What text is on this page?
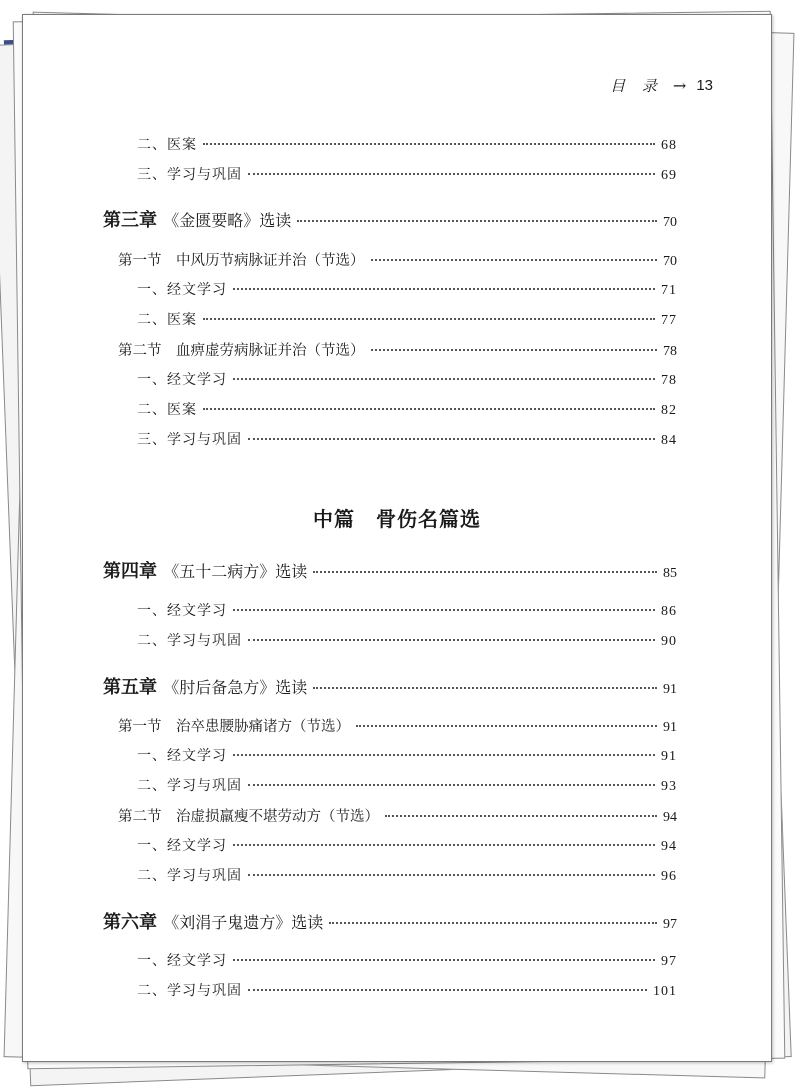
目 录 → 13
二、医案	68
三、学习与巩固	69
第三章 《金匮要略》选读	70
第一节　中风历节病脉证并治（节选）	70
一、经文学习	71
二、医案	77
第二节　血痹虚劳病脉证并治（节选）	78
一、经文学习	78
二、医案	82
三、学习与巩固	84
中篇　骨伤名篇选
第四章 《五十二病方》选读	85
一、经文学习	86
二、学习与巩固	90
第五章 《肘后备急方》选读	91
第一节　治卒患腰胁痛诸方（节选）	91
一、经文学习	91
二、学习与巩固	93
第二节　治虚损羸瘦不堪劳动方（节选）	94
一、经文学习	94
二、学习与巩固	96
第六章 《刘涓子鬼遗方》选读	97
一、经文学习	97
二、学习与巩固	101
